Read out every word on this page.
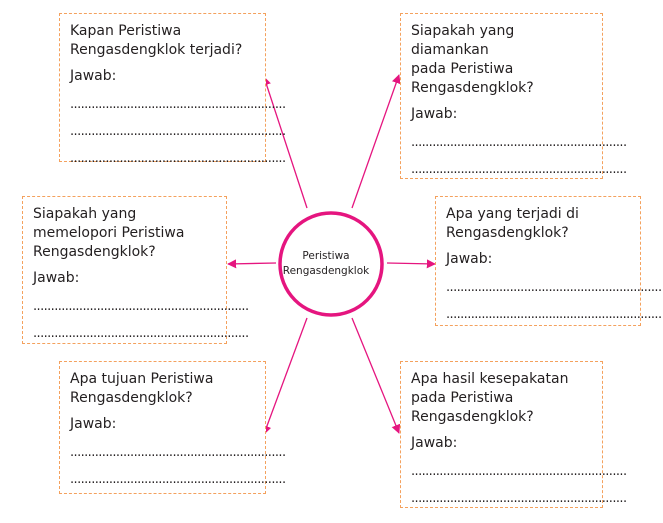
Peristiwa
Rengasdengklok
Kapan Peristiwa
Rengasdengklok terjadi?
Jawab:
.............................................................
.............................................................
.............................................................
Siapakah yang
diamankan
pada Peristiwa
Rengasdengklok?
Jawab:
.............................................................
.............................................................
Siapakah yang
memelopori Peristiwa
Rengasdengklok?
Jawab:
.............................................................
.............................................................
Apa yang terjadi di
Rengasdengklok?
Jawab:
.............................................................
.............................................................
Apa tujuan Peristiwa
Rengasdengklok?
Jawab:
.............................................................
.............................................................
Apa hasil kesepakatan
pada Peristiwa
Rengasdengklok?
Jawab:
.............................................................
.............................................................
